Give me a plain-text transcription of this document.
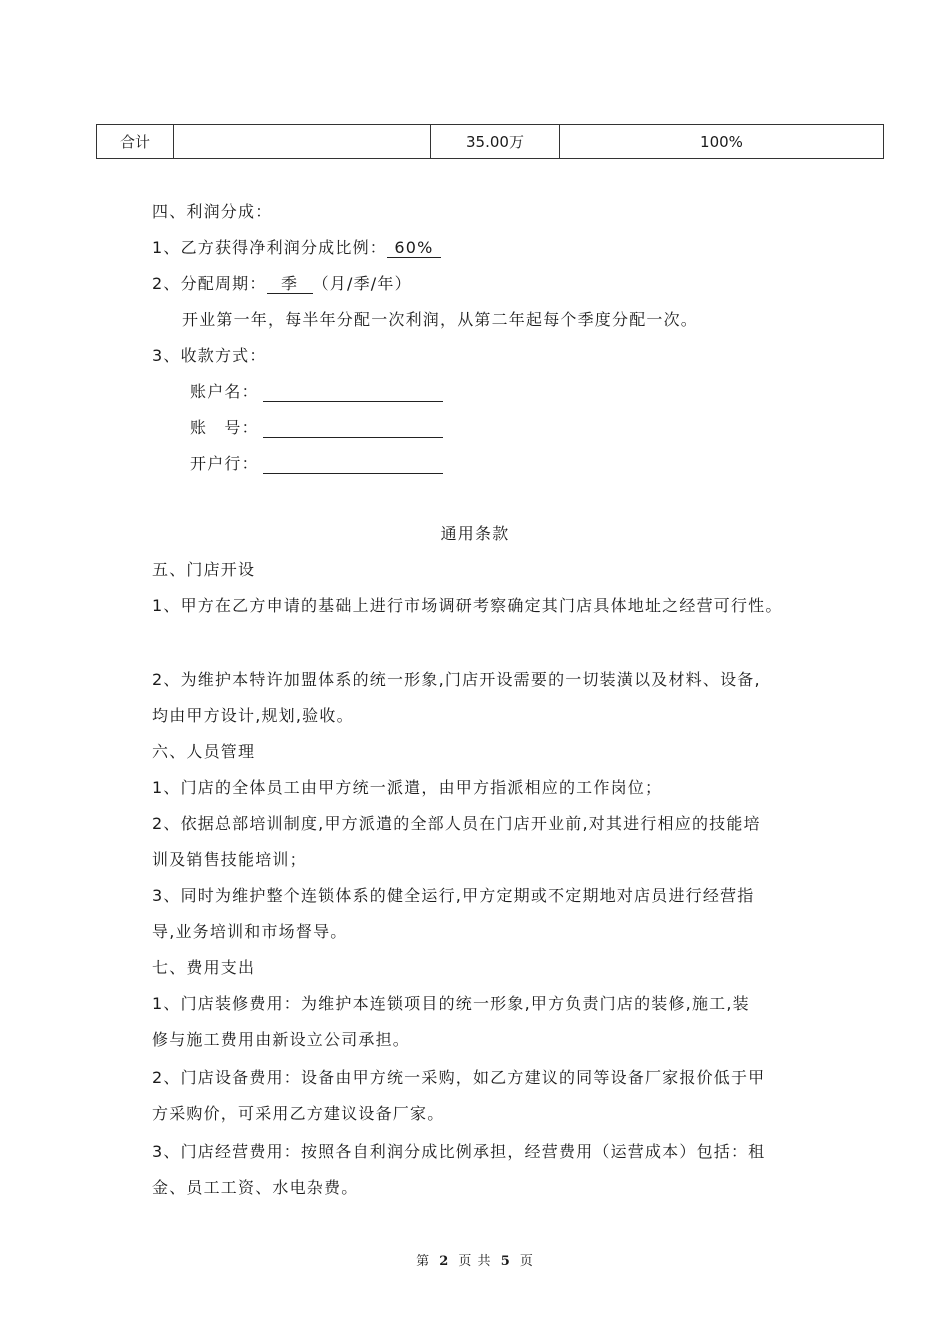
合计		35.00万	100%
四、利润分成：
1、乙方获得净利润分成比例： 60%
2、分配周期： 季 （月/季/年）
开业第一年，每半年分配一次利润，从第二年起每个季度分配一次。
3、收款方式：
账户名：
账　号：
开户行：
通用条款
五、门店开设
1、甲方在乙方申请的基础上进行市场调研考察确定其门店具体地址之经营可行性。
2、为维护本特许加盟体系的统一形象,门店开设需要的一切装潢以及材料、设备,
均由甲方设计,规划,验收。
六、人员管理
1、门店的全体员工由甲方统一派遣，由甲方指派相应的工作岗位；
2、依据总部培训制度,甲方派遣的全部人员在门店开业前,对其进行相应的技能培
训及销售技能培训；
3、同时为维护整个连锁体系的健全运行,甲方定期或不定期地对店员进行经营指
导,业务培训和市场督导。
七、费用支出
1、门店装修费用：为维护本连锁项目的统一形象,甲方负责门店的装修,施工,装
修与施工费用由新设立公司承担。
2、门店设备费用：设备由甲方统一采购，如乙方建议的同等设备厂家报价低于甲
方采购价，可采用乙方建议设备厂家。
3、门店经营费用：按照各自利润分成比例承担，经营费用（运营成本）包括：租
金、员工工资、水电杂费。
第 2 页 共 5 页
